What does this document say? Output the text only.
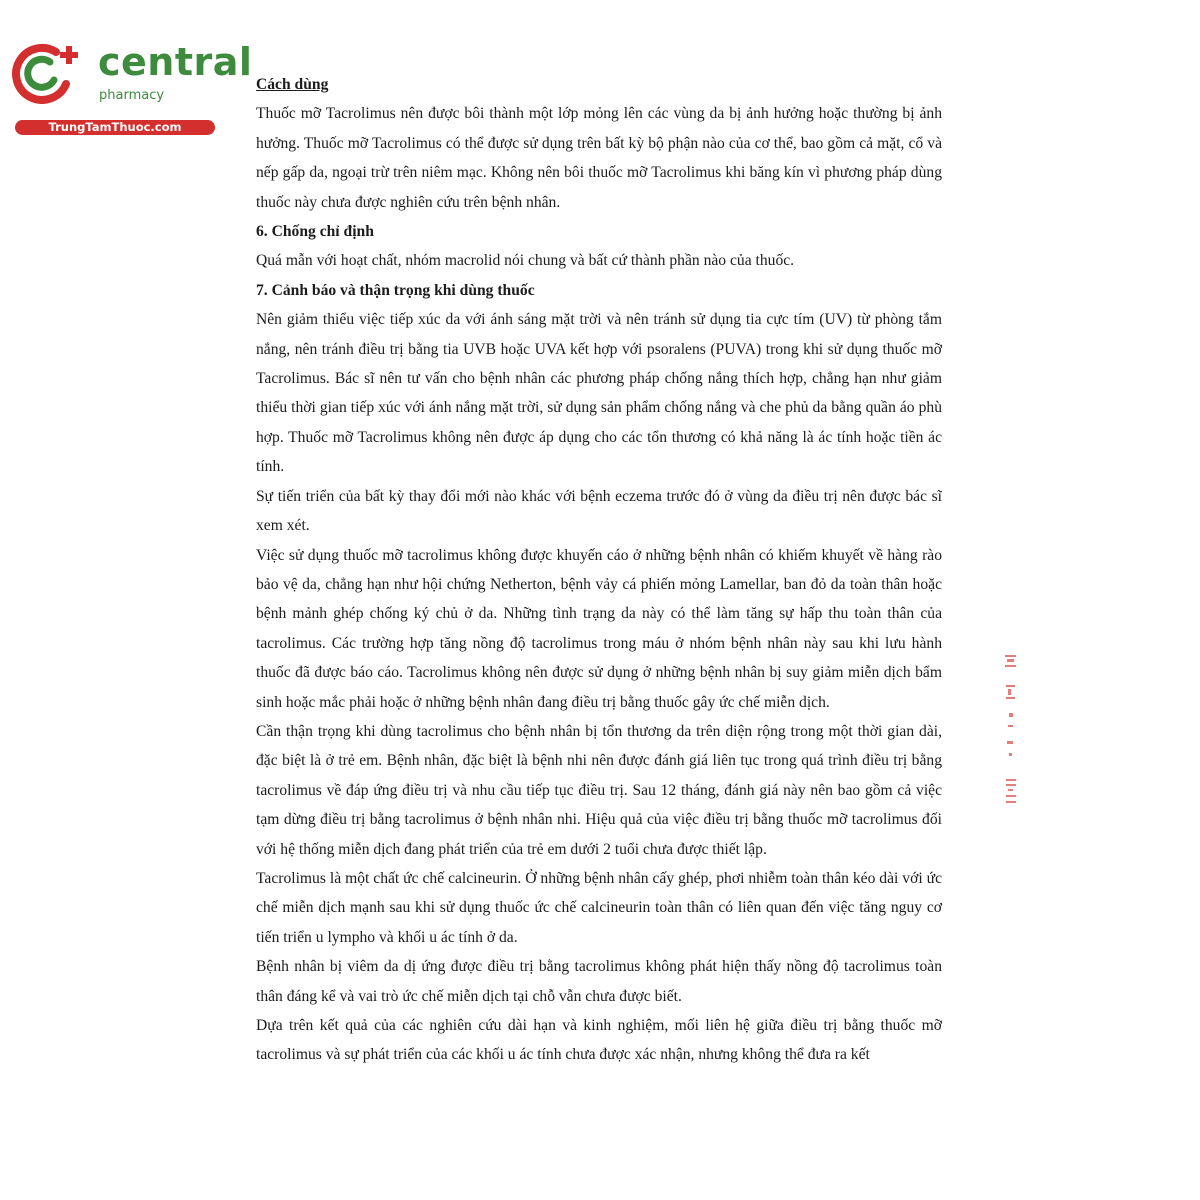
central
pharmacy
TrungTamThuoc.com

Cách dùng

Thuốc mỡ Tacrolimus nên được bôi thành một lớp mỏng lên các vùng da bị ảnh hưởng hoặc thường bị ảnh hưởng. Thuốc mỡ Tacrolimus có thể được sử dụng trên bất kỳ bộ phận nào của cơ thể, bao gồm cả mặt, cổ và nếp gấp da, ngoại trừ trên niêm mạc. Không nên bôi thuốc mỡ Tacrolimus khi băng kín vì phương pháp dùng thuốc này chưa được nghiên cứu trên bệnh nhân.

6. Chống chỉ định

Quá mẫn với hoạt chất, nhóm macrolid nói chung và bất cứ thành phần nào của thuốc.

7. Cảnh báo và thận trọng khi dùng thuốc

Nên giảm thiểu việc tiếp xúc da với ánh sáng mặt trời và nên tránh sử dụng tia cực tím (UV) từ phòng tắm nắng, nên tránh điều trị bằng tia UVB hoặc UVA kết hợp với psoralens (PUVA) trong khi sử dụng thuốc mỡ Tacrolimus. Bác sĩ nên tư vấn cho bệnh nhân các phương pháp chống nắng thích hợp, chẳng hạn như giảm thiểu thời gian tiếp xúc với ánh nắng mặt trời, sử dụng sản phẩm chống nắng và che phủ da bằng quần áo phù hợp. Thuốc mỡ Tacrolimus không nên được áp dụng cho các tổn thương có khả năng là ác tính hoặc tiền ác tính.

Sự tiến triển của bất kỳ thay đổi mới nào khác với bệnh eczema trước đó ở vùng da điều trị nên được bác sĩ xem xét.

Việc sử dụng thuốc mỡ tacrolimus không được khuyến cáo ở những bệnh nhân có khiếm khuyết về hàng rào bảo vệ da, chẳng hạn như hội chứng Netherton, bệnh vảy cá phiến mỏng Lamellar, ban đỏ da toàn thân hoặc bệnh mảnh ghép chống ký chủ ở da. Những tình trạng da này có thể làm tăng sự hấp thu toàn thân của tacrolimus. Các trường hợp tăng nồng độ tacrolimus trong máu ở nhóm bệnh nhân này sau khi lưu hành thuốc đã được báo cáo. Tacrolimus không nên được sử dụng ở những bệnh nhân bị suy giảm miễn dịch bẩm sinh hoặc mắc phải hoặc ở những bệnh nhân đang điều trị bằng thuốc gây ức chế miễn dịch.

Cần thận trọng khi dùng tacrolimus cho bệnh nhân bị tổn thương da trên diện rộng trong một thời gian dài, đặc biệt là ở trẻ em. Bệnh nhân, đặc biệt là bệnh nhi nên được đánh giá liên tục trong quá trình điều trị bằng tacrolimus về đáp ứng điều trị và nhu cầu tiếp tục điều trị. Sau 12 tháng, đánh giá này nên bao gồm cả việc tạm dừng điều trị bằng tacrolimus ở bệnh nhân nhi. Hiệu quả của việc điều trị bằng thuốc mỡ tacrolimus đối với hệ thống miễn dịch đang phát triển của trẻ em dưới 2 tuổi chưa được thiết lập.

Tacrolimus là một chất ức chế calcineurin. Ở những bệnh nhân cấy ghép, phơi nhiễm toàn thân kéo dài với ức chế miễn dịch mạnh sau khi sử dụng thuốc ức chế calcineurin toàn thân có liên quan đến việc tăng nguy cơ tiến triển u lympho và khối u ác tính ở da.

Bệnh nhân bị viêm da dị ứng được điều trị bằng tacrolimus không phát hiện thấy nồng độ tacrolimus toàn thân đáng kể và vai trò ức chế miễn dịch tại chỗ vẫn chưa được biết.

Dựa trên kết quả của các nghiên cứu dài hạn và kinh nghiệm, mối liên hệ giữa điều trị bằng thuốc mỡ tacrolimus và sự phát triển của các khối u ác tính chưa được xác nhận, nhưng không thể đưa ra kết
